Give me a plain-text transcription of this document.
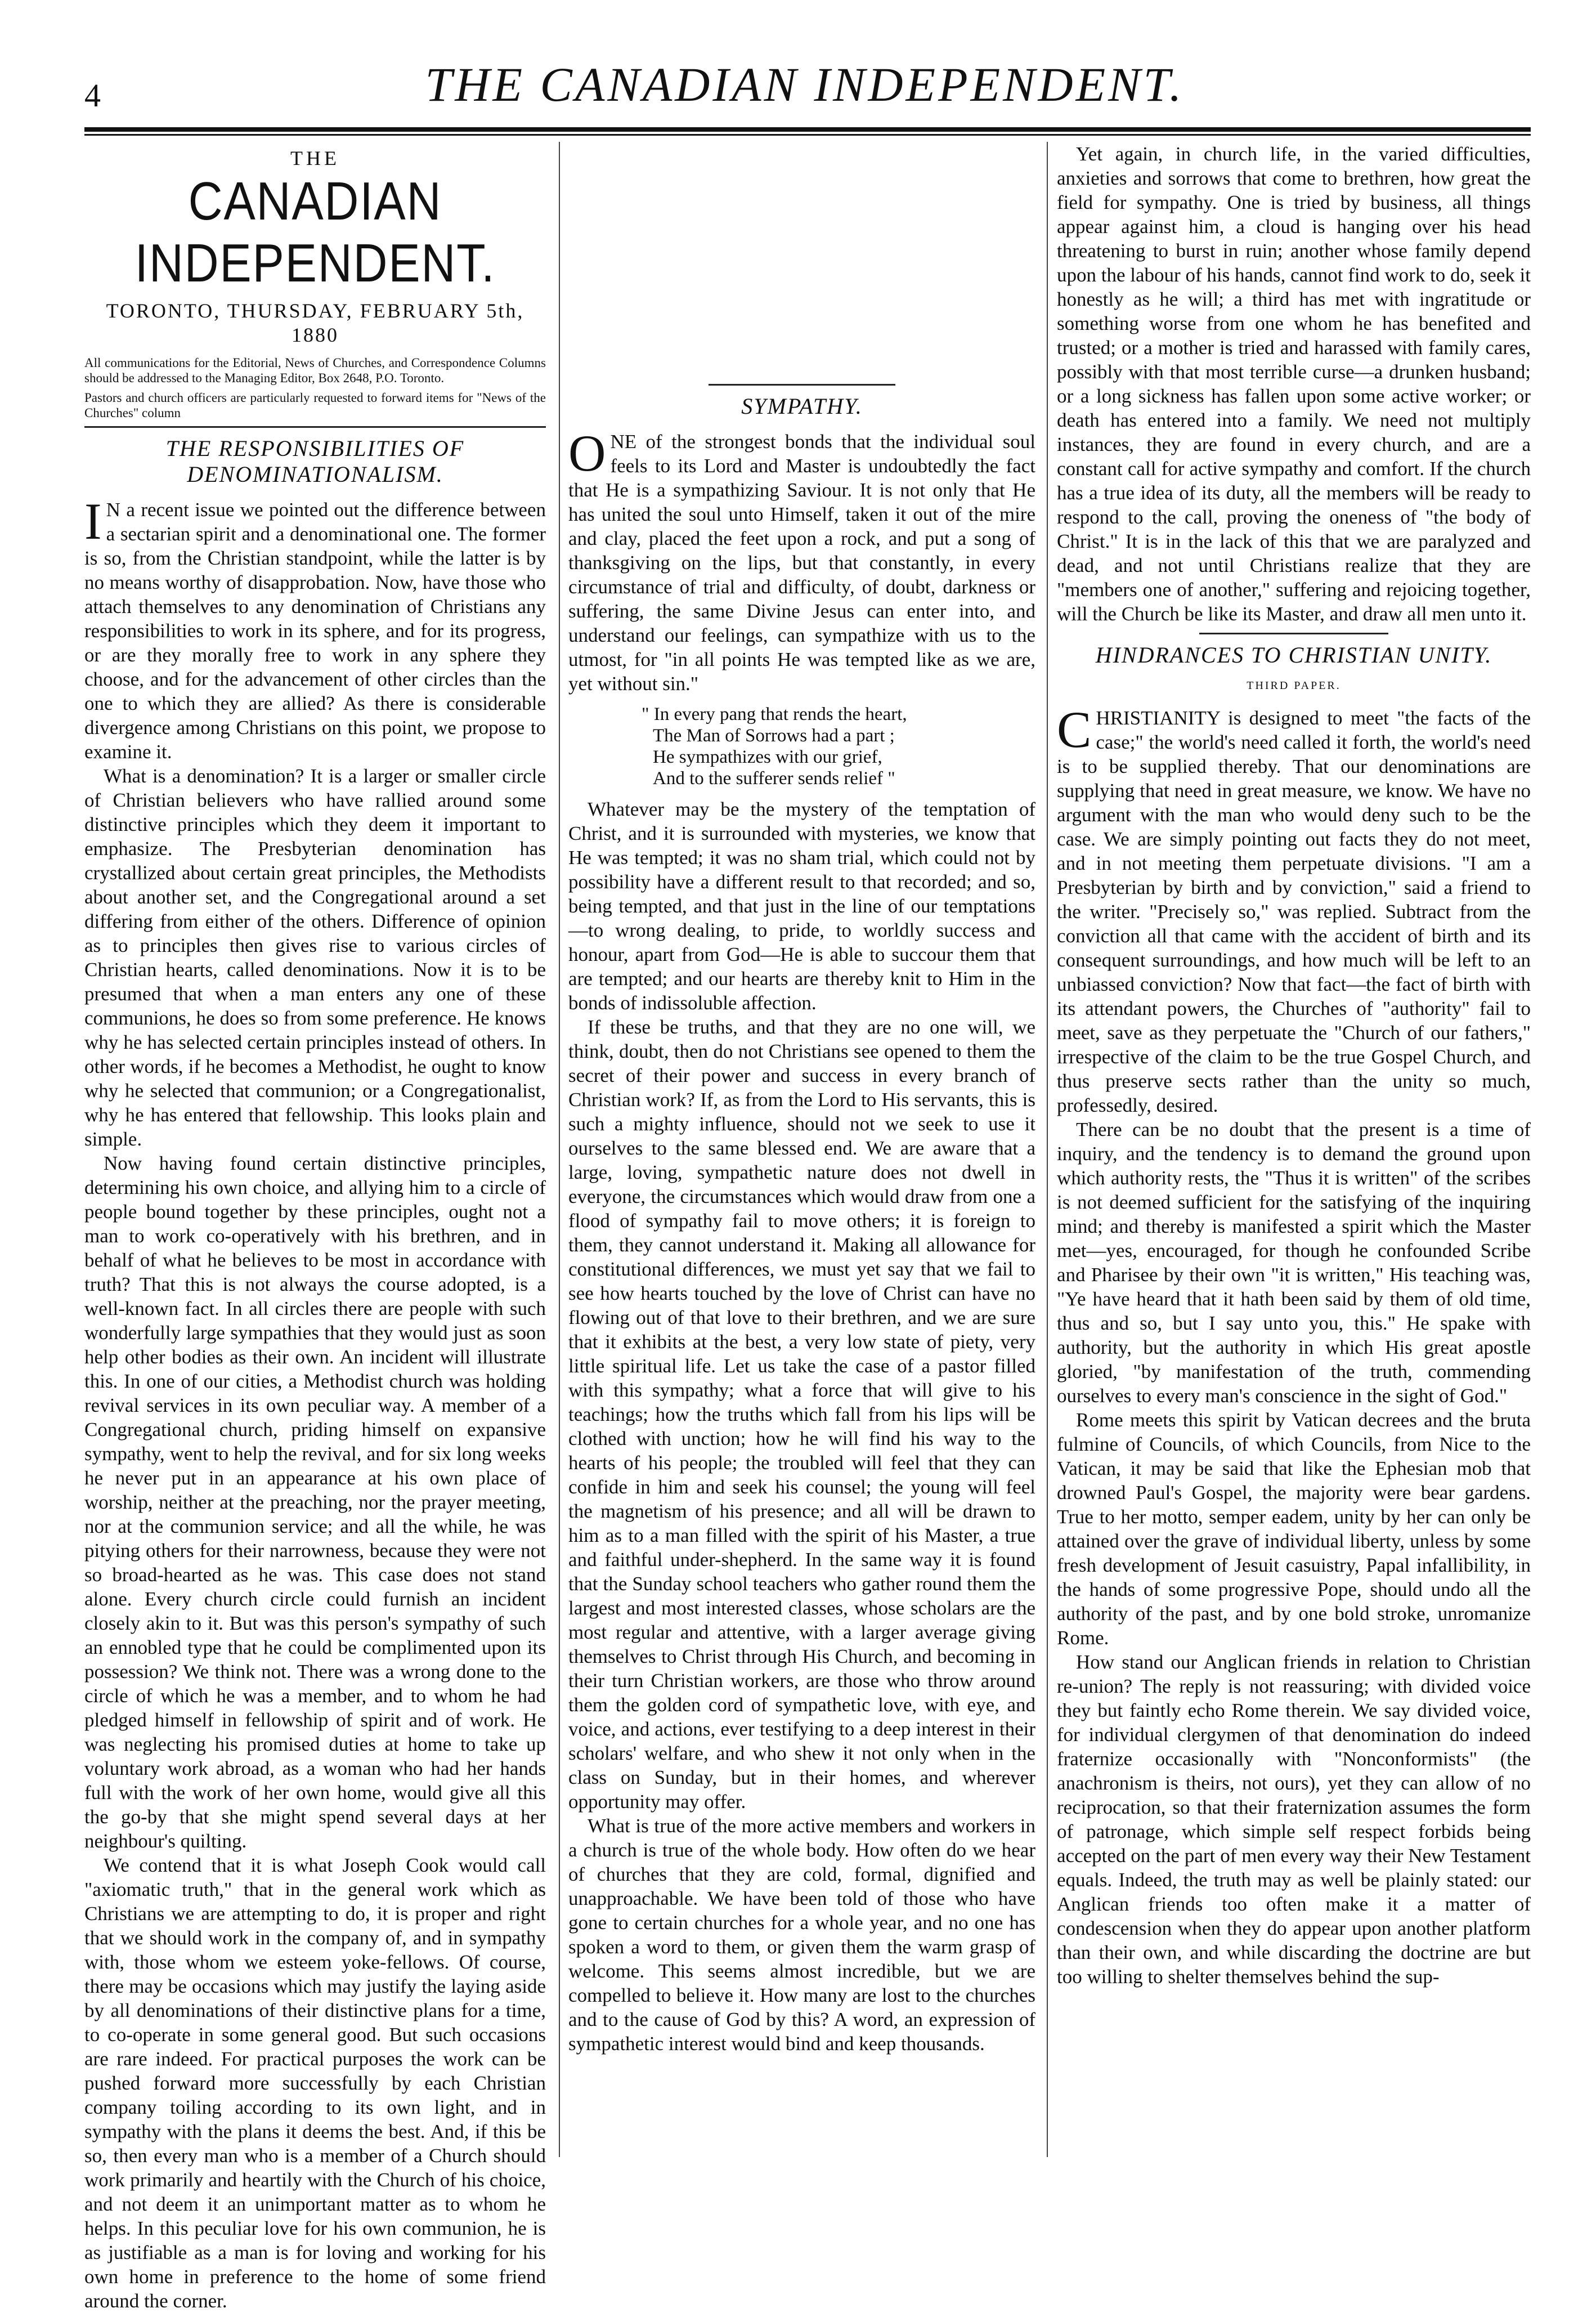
4	THE CANADIAN INDEPENDENT.
THE
CANADIAN INDEPENDENT.
TORONTO, THURSDAY, FEBRUARY 5th, 1880

All communications for the Editorial, News of Churches, and Correspondence Columns should be addressed to the Managing Editor, Box 2648, P.O. Toronto.

Pastors and church officers are particularly requested to forward items for "News of the Churches" column

THE RESPONSIBILITIES OF DENOMINATIONALISM.

I N a recent issue we pointed out the difference between a sectarian spirit and a denominational one. The former is so, from the Christian standpoint, while the latter is by no means worthy of disapprobation. Now, have those who attach themselves to any denomination of Christians any responsibilities to work in its sphere, and for its progress, or are they morally free to work in any sphere they choose, and for the advancement of other circles than the one to which they are allied? As there is considerable divergence among Christians on this point, we propose to examine it.

What is a denomination? It is a larger or smaller circle of Christian believers who have rallied around some distinctive principles which they deem it important to emphasize. The Presbyterian denomination has crystallized about certain great principles, the Methodists about another set, and the Congregational around a set differing from either of the others. Difference of opinion as to principles then gives rise to various circles of Christian hearts, called denominations. Now it is to be presumed that when a man enters any one of these communions, he does so from some preference. He knows why he has selected certain principles instead of others. In other words, if he becomes a Methodist, he ought to know why he selected that communion; or a Congregationalist, why he has entered that fellowship. This looks plain and simple.

Now having found certain distinctive principles, determining his own choice, and allying him to a circle of people bound together by these principles, ought not a man to work co-operatively with his brethren, and in behalf of what he believes to be most in accordance with truth? That this is not always the course adopted, is a well-known fact. In all circles there are people with such wonderfully large sympathies that they would just as soon help other bodies as their own. An incident will illustrate this. In one of our cities, a Methodist church was holding revival services in its own peculiar way. A member of a Congregational church, priding himself on expansive sympathy, went to help the revival, and for six long weeks he never put in an appearance at his own place of worship, neither at the preaching, nor the prayer meeting, nor at the communion service; and all the while, he was pitying others for their narrowness, because they were not so broad-hearted as he was. This case does not stand alone. Every church circle could furnish an incident closely akin to it. But was this person's sympathy of such an ennobled type that he could be complimented upon its possession? We think not. There was a wrong done to the circle of which he was a member, and to whom he had pledged himself in fellowship of spirit and of work. He was neglecting his promised duties at home to take up voluntary work abroad, as a woman who had her hands full with the work of her own home, would give all this the go-by that she might spend several days at her neighbour's quilting.

We contend that it is what Joseph Cook would call "axiomatic truth," that in the general work which as Christians we are attempting to do, it is proper and right that we should work in the company of, and in sympathy with, those whom we esteem yoke-fellows. Of course, there may be occasions which may justify the laying aside by all denominations of their distinctive plans for a time, to co-operate in some general good. But such occasions are rare indeed. For practical purposes the work can be pushed forward more successfully by each Christian company toiling according to its own light, and in sympathy with the plans it deems the best. And, if this be so, then every man who is a member of a Church should work primarily and heartily with the Church of his choice, and not deem it an unimportant matter as to whom he helps. In this peculiar love for his own communion, he is as justifiable as a man is for loving and working for his own home in preference to the home of some friend around the corner.

SYMPATHY.

ONE of the strongest bonds that the individual soul feels to its Lord and Master is undoubtedly the fact that He is a sympathizing Saviour. It is not only that He has united the soul unto Himself, taken it out of the mire and clay, placed the feet upon a rock, and put a song of thanksgiving on the lips, but that constantly, in every circumstance of trial and difficulty, of doubt, darkness or suffering, the same Divine Jesus can enter into, and understand our feelings, can sympathize with us to the utmost, for "in all points He was tempted like as we are, yet without sin."

" In every pang that rends the heart,
The Man of Sorrows had a part ;
He sympathizes with our grief,
And to the sufferer sends relief "

Whatever may be the mystery of the temptation of Christ, and it is surrounded with mysteries, we know that He was tempted; it was no sham trial, which could not by possibility have a different result to that recorded; and so, being tempted, and that just in the line of our temptations—to wrong dealing, to pride, to worldly success and honour, apart from God—He is able to succour them that are tempted; and our hearts are thereby knit to Him in the bonds of indissoluble affection.

If these be truths, and that they are no one will, we think, doubt, then do not Christians see opened to them the secret of their power and success in every branch of Christian work? If, as from the Lord to His servants, this is such a mighty influence, should not we seek to use it ourselves to the same blessed end. We are aware that a large, loving, sympathetic nature does not dwell in everyone, the circumstances which would draw from one a flood of sympathy fail to move others; it is foreign to them, they cannot understand it. Making all allowance for constitutional differences, we must yet say that we fail to see how hearts touched by the love of Christ can have no flowing out of that love to their brethren, and we are sure that it exhibits at the best, a very low state of piety, very little spiritual life. Let us take the case of a pastor filled with this sympathy; what a force that will give to his teachings; how the truths which fall from his lips will be clothed with unction; how he will find his way to the hearts of his people; the troubled will feel that they can confide in him and seek his counsel; the young will feel the magnetism of his presence; and all will be drawn to him as to a man filled with the spirit of his Master, a true and faithful under-shepherd. In the same way it is found that the Sunday school teachers who gather round them the largest and most interested classes, whose scholars are the most regular and attentive, with a larger average giving themselves to Christ through His Church, and becoming in their turn Christian workers, are those who throw around them the golden cord of sympathetic love, with eye, and voice, and actions, ever testifying to a deep interest in their scholars' welfare, and who shew it not only when in the class on Sunday, but in their homes, and wherever opportunity may offer.

What is true of the more active members and workers in a church is true of the whole body. How often do we hear of churches that they are cold, formal, dignified and unapproachable. We have been told of those who have gone to certain churches for a whole year, and no one has spoken a word to them, or given them the warm grasp of welcome. This seems almost incredible, but we are compelled to believe it. How many are lost to the churches and to the cause of God by this? A word, an expression of sympathetic interest would bind and keep thousands.

Yet again, in church life, in the varied difficulties, anxieties and sorrows that come to brethren, how great the field for sympathy. One is tried by business, all things appear against him, a cloud is hanging over his head threatening to burst in ruin; another whose family depend upon the labour of his hands, cannot find work to do, seek it honestly as he will; a third has met with ingratitude or something worse from one whom he has benefited and trusted; or a mother is tried and harassed with family cares, possibly with that most terrible curse—a drunken husband; or a long sickness has fallen upon some active worker; or death has entered into a family. We need not multiply instances, they are found in every church, and are a constant call for active sympathy and comfort. If the church has a true idea of its duty, all the members will be ready to respond to the call, proving the oneness of "the body of Christ." It is in the lack of this that we are paralyzed and dead, and not until Christians realize that they are "members one of another," suffering and rejoicing together, will the Church be like its Master, and draw all men unto it.

HINDRANCES TO CHRISTIAN UNITY.
THIRD PAPER.

CHRISTIANITY is designed to meet "the facts of the case;" the world's need called it forth, the world's need is to be supplied thereby. That our denominations are supplying that need in great measure, we know. We have no argument with the man who would deny such to be the case. We are simply pointing out facts they do not meet, and in not meeting them perpetuate divisions. "I am a Presbyterian by birth and by conviction," said a friend to the writer. "Precisely so," was replied. Subtract from the conviction all that came with the accident of birth and its consequent surroundings, and how much will be left to an unbiassed conviction? Now that fact—the fact of birth with its attendant powers, the Churches of "authority" fail to meet, save as they perpetuate the "Church of our fathers," irrespective of the claim to be the true Gospel Church, and thus preserve sects rather than the unity so much, professedly, desired.

There can be no doubt that the present is a time of inquiry, and the tendency is to demand the ground upon which authority rests, the "Thus it is written" of the scribes is not deemed sufficient for the satisfying of the inquiring mind; and thereby is manifested a spirit which the Master met—yes, encouraged, for though he confounded Scribe and Pharisee by their own "it is written," His teaching was, "Ye have heard that it hath been said by them of old time, thus and so, but I say unto you, this." He spake with authority, but the authority in which His great apostle gloried, "by manifestation of the truth, commending ourselves to every man's conscience in the sight of God."

Rome meets this spirit by Vatican decrees and the bruta fulmine of Councils, of which Councils, from Nice to the Vatican, it may be said that like the Ephesian mob that drowned Paul's Gospel, the majority were bear gardens. True to her motto, semper eadem, unity by her can only be attained over the grave of individual liberty, unless by some fresh development of Jesuit casuistry, Papal infallibility, in the hands of some progressive Pope, should undo all the authority of the past, and by one bold stroke, unromanize Rome.

How stand our Anglican friends in relation to Christian re-union? The reply is not reassuring; with divided voice they but faintly echo Rome therein. We say divided voice, for individual clergymen of that denomination do indeed fraternize occasionally with "Nonconformists" (the anachronism is theirs, not ours), yet they can allow of no reciprocation, so that their fraternization assumes the form of patronage, which simple self respect forbids being accepted on the part of men every way their New Testament equals. Indeed, the truth may as well be plainly stated: our Anglican friends too often make it a matter of condescension when they do appear upon another platform than their own, and while discarding the doctrine are but too willing to shelter themselves behind the sup-
